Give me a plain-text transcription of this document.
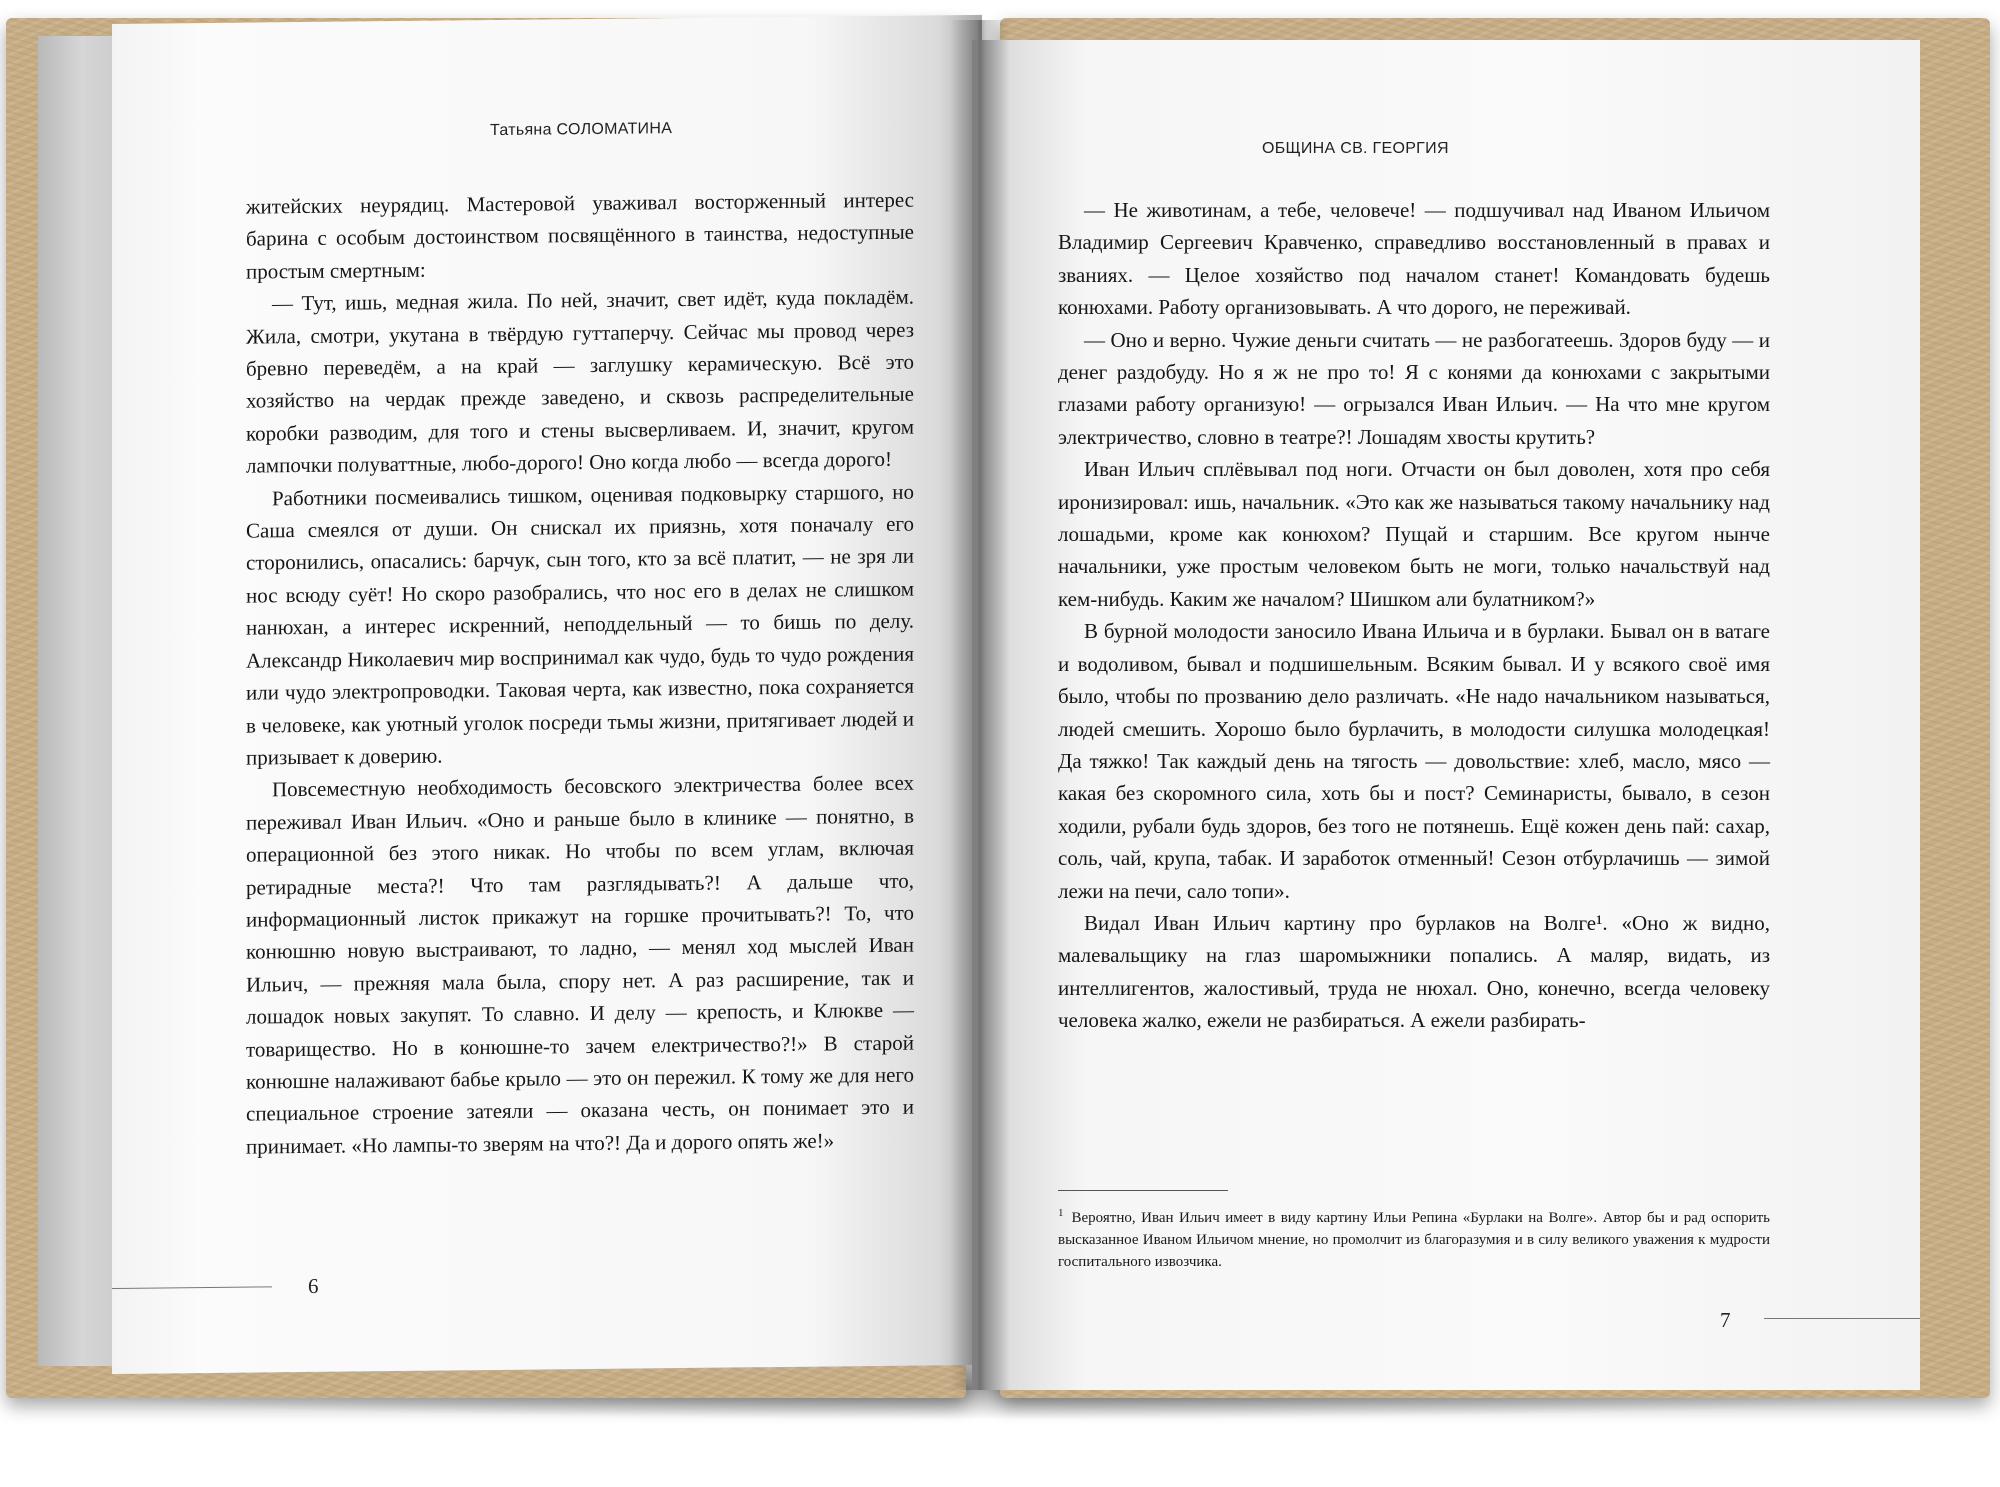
Татьяна СОЛОМАТИНА

житейских неурядиц. Мастеровой уваживал восторженный интерес барина с особым достоинством посвящённого в таинства, недоступные простым смертным:

— Тут, ишь, медная жила. По ней, значит, свет идёт, куда покладём. Жила, смотри, укутана в твёрдую гуттаперчу. Сейчас мы провод через бревно переведём, а на край — заглушку керамическую. Всё это хозяйство на чердак прежде заведено, и сквозь распределительные коробки разводим, для того и стены высверливаем. И, значит, кругом лампочки полуваттные, любо-дорого! Оно когда любо — всегда дорого!

Работники посмеивались тишком, оценивая подковырку старшого, но Саша смеялся от души. Он снискал их приязнь, хотя поначалу его сторонились, опасались: барчук, сын того, кто за всё платит, — не зря ли нос всюду суёт! Но скоро разобрались, что нос его в делах не слишком нанюхан, а интерес искренний, неподдельный — то бишь по делу. Александр Николаевич мир воспринимал как чудо, будь то чудо рождения или чудо электропроводки. Таковая черта, как известно, пока сохраняется в человеке, как уютный уголок посреди тьмы жизни, притягивает людей и призывает к доверию.

Повсеместную необходимость бесовского электричества более всех переживал Иван Ильич. «Оно и раньше было в клинике — понятно, в операционной без этого никак. Но чтобы по всем углам, включая ретирадные места?! Что там разглядывать?! А дальше что, информационный листок прикажут на горшке прочитывать?! То, что конюшню новую выстраивают, то ладно, — менял ход мыслей Иван Ильич, — прежняя мала была, спору нет. А раз расширение, так и лошадок новых закупят. То славно. И делу — крепость, и Клюкве — товарищество. Но в конюшне-то зачем електричество?!» В старой конюшне налаживают бабье крыло — это он пережил. К тому же для него специальное строение затеяли — оказана честь, он понимает это и принимает. «Но лампы-то зверям на что?! Да и дорого опять же!»

6
ОБЩИНА СВ. ГЕОРГИЯ

— Не животинам, а тебе, человече! — подшучивал над Иваном Ильичом Владимир Сергеевич Кравченко, справедливо восстановленный в правах и званиях. — Целое хозяйство под началом станет! Командовать будешь конюхами. Работу организовывать. А что дорого, не переживай.

— Оно и верно. Чужие деньги считать — не разбогатеешь. Здоров буду — и денег раздобуду. Но я ж не про то! Я с конями да конюхами с закрытыми глазами работу организую! — огрызался Иван Ильич. — На что мне кругом электричество, словно в театре?! Лошадям хвосты крутить?

Иван Ильич сплёвывал под ноги. Отчасти он был доволен, хотя про себя иронизировал: ишь, начальник. «Это как же называться такому начальнику над лошадьми, кроме как конюхом? Пущай и старшим. Все кругом нынче начальники, уже простым человеком быть не моги, только начальствуй над кем-нибудь. Каким же началом? Шишком али булатником?»

В бурной молодости заносило Ивана Ильича и в бурлаки. Бывал он в ватаге и водоливом, бывал и подшишельным. Всяким бывал. И у всякого своё имя было, чтобы по прозванию дело различать. «Не надо начальником называться, людей смешить. Хорошо было бурлачить, в молодости силушка молодецкая! Да тяжко! Так каждый день на тягость — довольствие: хлеб, масло, мясо — какая без скоромного сила, хоть бы и пост? Семинаристы, бывало, в сезон ходили, рубали будь здоров, без того не потянешь. Ещё кожен день пай: сахар, соль, чай, крупа, табак. И заработок отменный! Сезон отбурлачишь — зимой лежи на печи, сало топи».

Видал Иван Ильич картину про бурлаков на Волге¹. «Оно ж видно, малевальщику на глаз шаромыжники попались. А маляр, видать, из интеллигентов, жалостивый, труда не нюхал. Оно, конечно, всегда человеку человека жалко, ежели не разбираться. А ежели разбирать-

$^1$ Вероятно, Иван Ильич имеет в виду картину Ильи Репина «Бурлаки на Волге». Автор бы и рад оспорить высказанное Иваном Ильичом мнение, но промолчит из благоразумия и в силу великого уважения к мудрости госпитального извозчика.
7
